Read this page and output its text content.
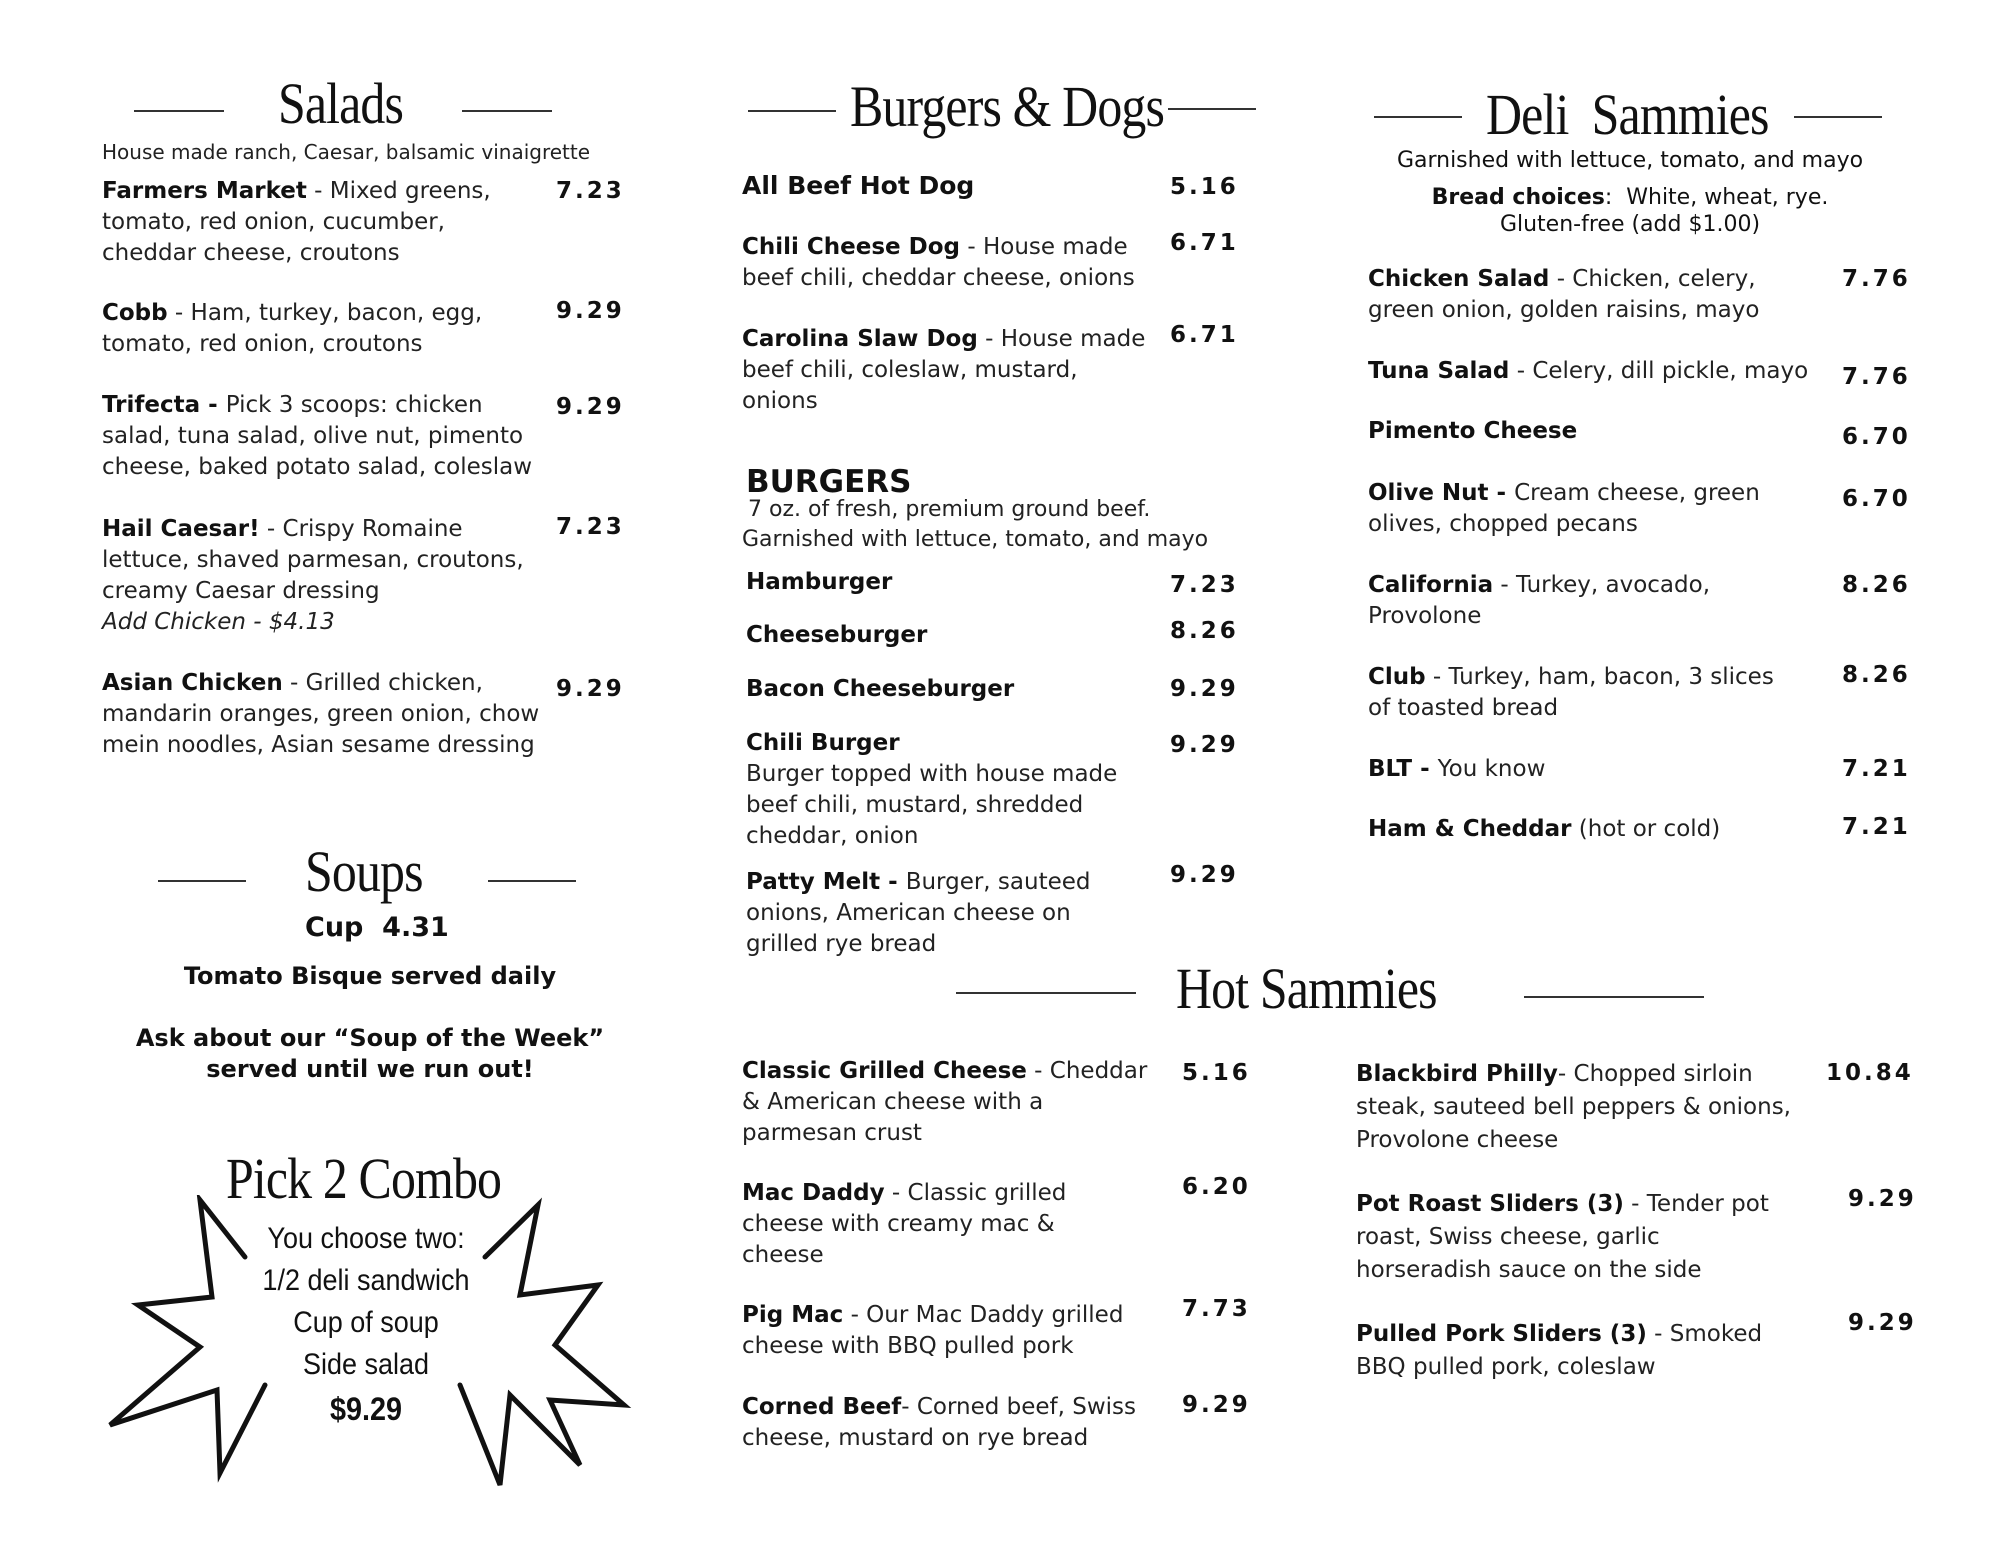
Salads
House made ranch, Caesar, balsamic vinaigrette
Farmers Market - Mixed greens, tomato, red onion, cucumber, cheddar cheese, croutons
7.23
Cobb - Ham, turkey, bacon, egg, tomato, red onion, croutons
9.29
Trifecta - Pick 3 scoops: chicken salad, tuna salad, olive nut, pimento cheese, baked potato salad, coleslaw
9.29
Hail Caesar! - Crispy Romaine lettuce, shaved parmesan, croutons, creamy Caesar dressing
Add Chicken - $4.13
7.23
Asian Chicken - Grilled chicken, mandarin oranges, green onion, chow mein noodles, Asian sesame dressing
9.29
Soups
Cup  4.31
Tomato Bisque served daily
Ask about our “Soup of the Week”
served until we run out!
Pick 2 Combo
You choose two:
1/2 deli sandwich
Cup of soup
Side salad
$9.29
Burgers & Dogs
All Beef Hot Dog	5.16
Chili Cheese Dog - House made beef chili, cheddar cheese, onions
6.71
Carolina Slaw Dog - House made beef chili, coleslaw, mustard, onions
6.71
BURGERS
7 oz. of fresh, premium ground beef.
Garnished with lettuce, tomato, and mayo
Hamburger	7.23
Cheeseburger	8.26
Bacon Cheeseburger	9.29
Chili Burger
Burger topped with house made beef chili, mustard, shredded cheddar, onion
9.29
Patty Melt - Burger, sauteed onions, American cheese on grilled rye bread
9.29
Deli  Sammies
Garnished with lettuce, tomato, and mayo
Bread choices:  White, wheat, rye.
Gluten-free (add $1.00)
Chicken Salad - Chicken, celery, green onion, golden raisins, mayo
7.76
Tuna Salad - Celery, dill pickle, mayo	7.76
Pimento Cheese	6.70
Olive Nut - Cream cheese, green olives, chopped pecans
6.70
California - Turkey, avocado, Provolone
8.26
Club - Turkey, ham, bacon, 3 slices of toasted bread
8.26
BLT - You know	7.21
Ham & Cheddar (hot or cold)	7.21
Hot Sammies
Classic Grilled Cheese - Cheddar & American cheese with a parmesan crust
5.16
Mac Daddy - Classic grilled cheese with creamy mac & cheese
6.20
Pig Mac - Our Mac Daddy grilled cheese with BBQ pulled pork
7.73
Corned Beef- Corned beef, Swiss cheese, mustard on rye bread
9.29
Blackbird Philly- Chopped sirloin steak, sauteed bell peppers & onions, Provolone cheese
10.84
Pot Roast Sliders (3) - Tender pot roast, Swiss cheese, garlic horseradish sauce on the side
9.29
Pulled Pork Sliders (3) - Smoked BBQ pulled pork, coleslaw
9.29
